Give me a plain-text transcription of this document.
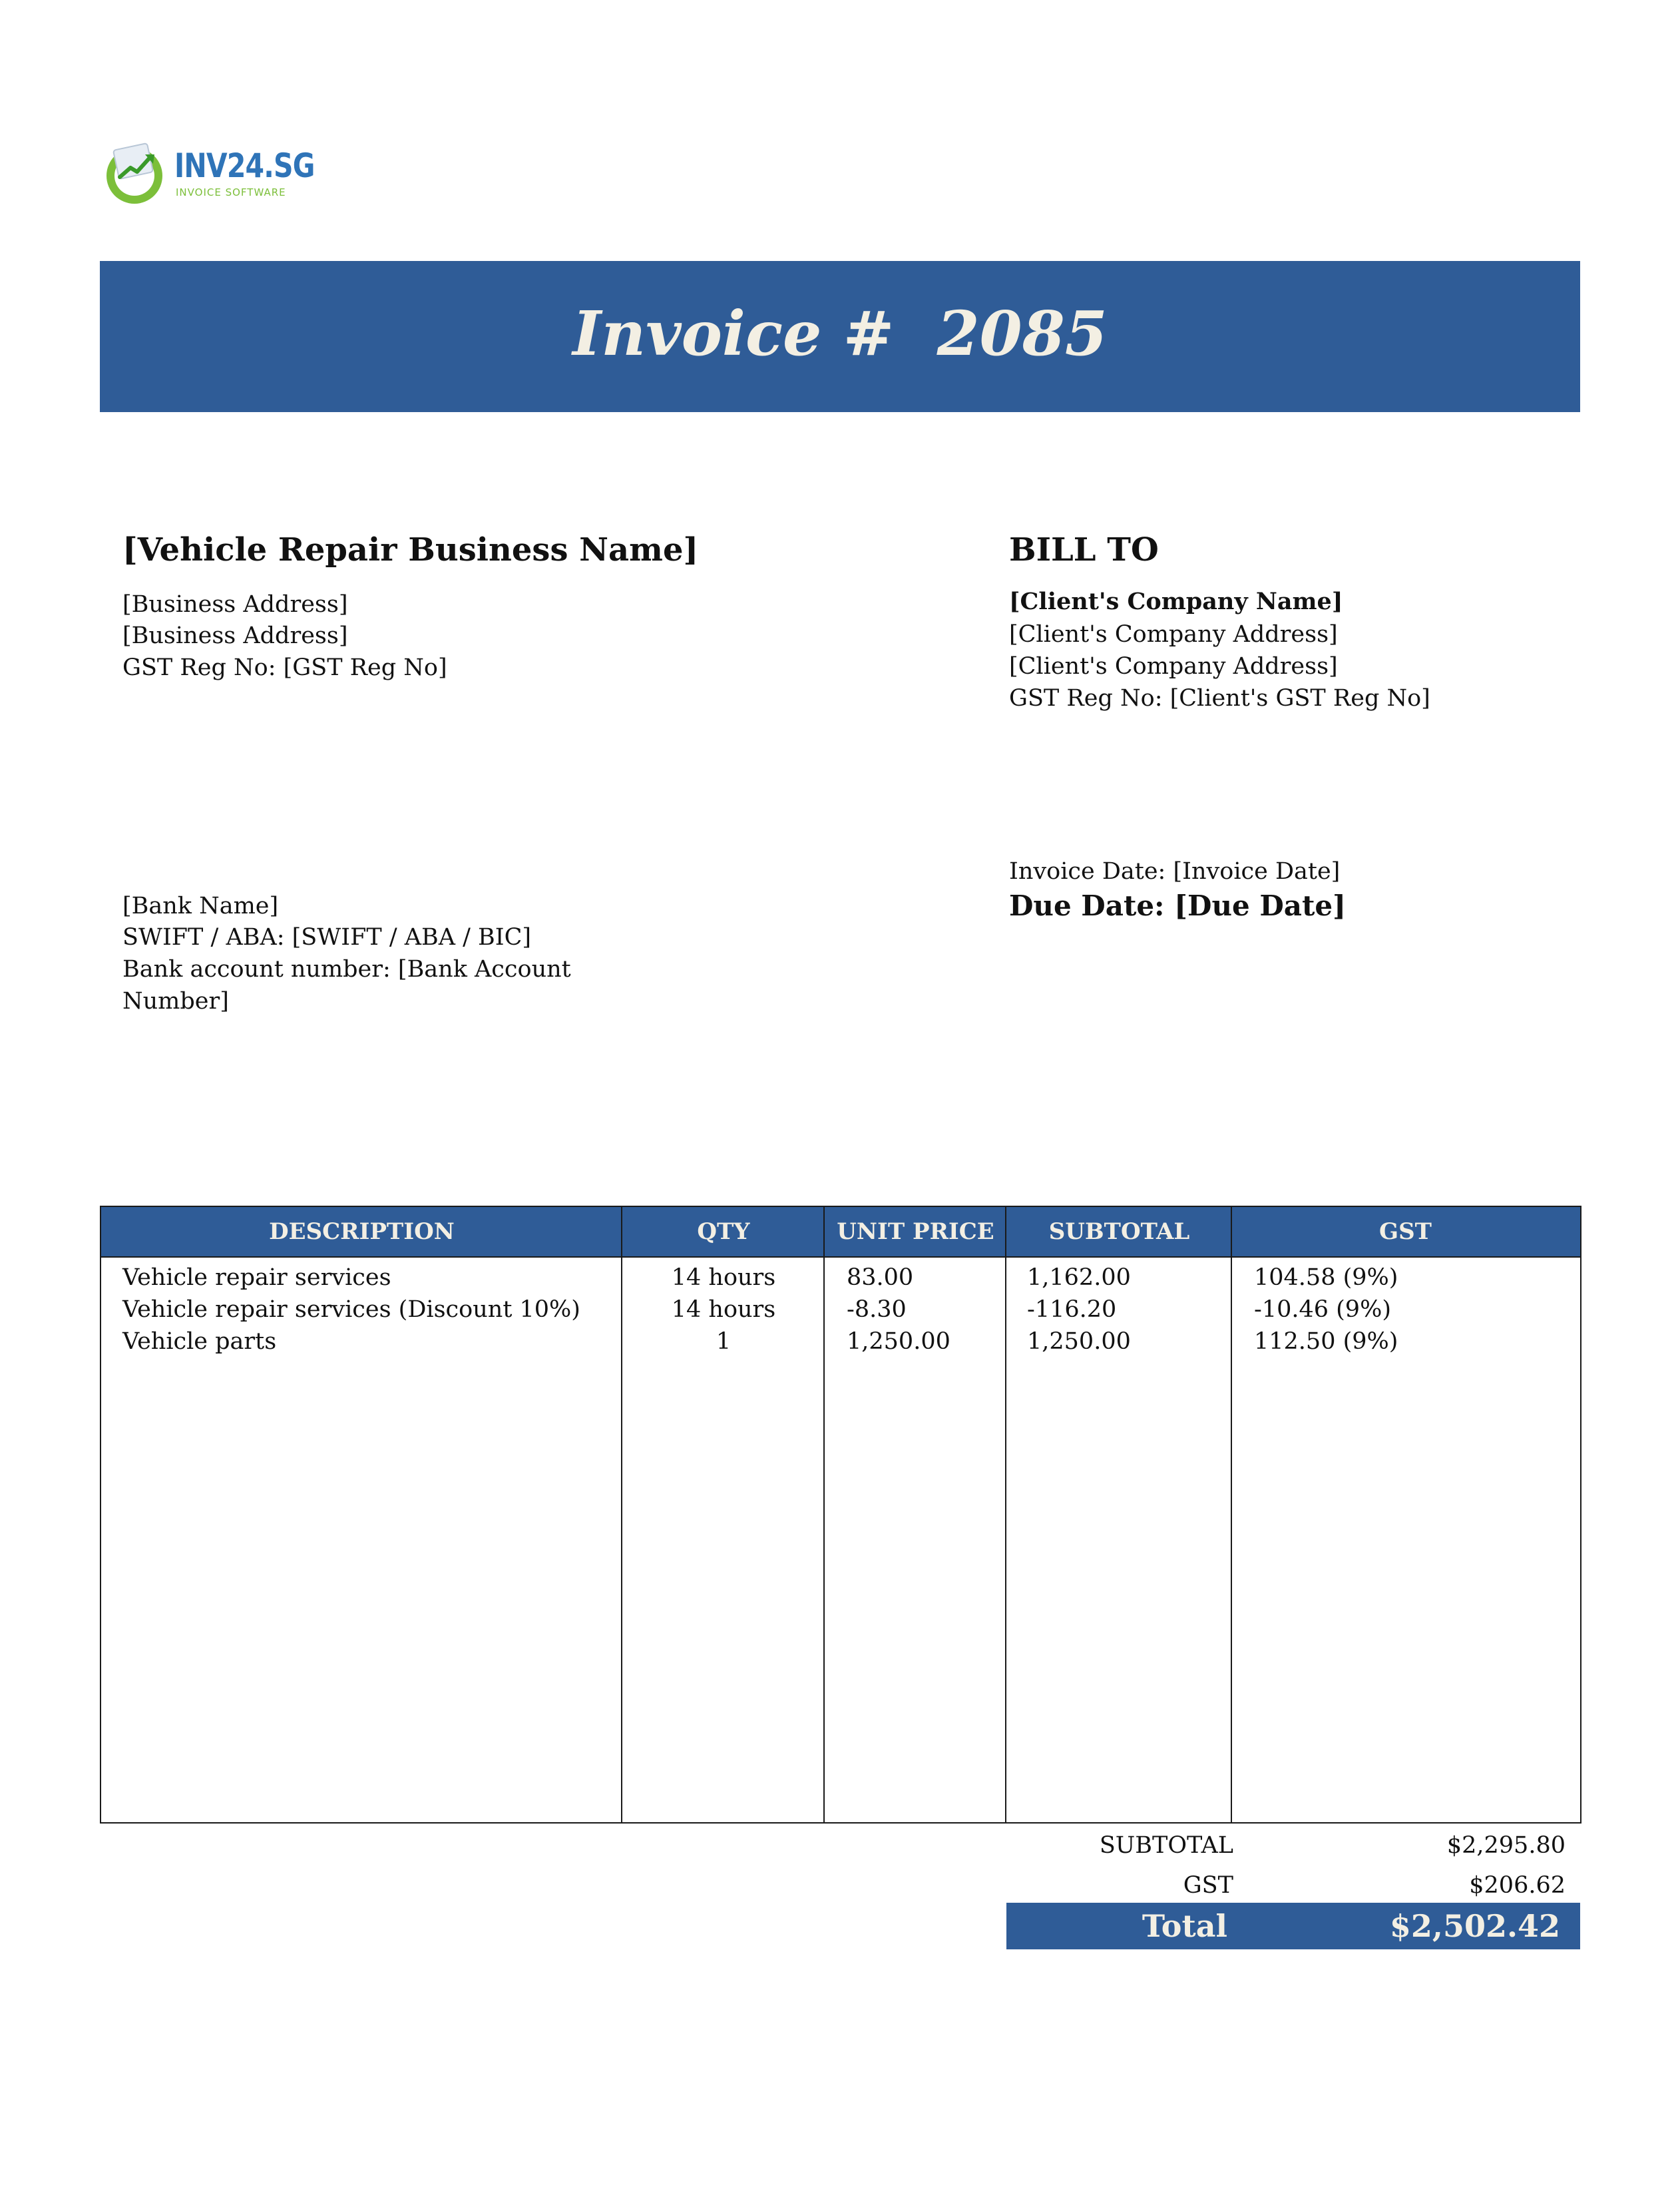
INV24.SG
INVOICE SOFTWARE
Invoice #  2085
[Vehicle Repair Business Name]
[Business Address]
[Business Address]
GST Reg No: [GST Reg No]
BILL TO
[Client's Company Name]
[Client's Company Address]
[Client's Company Address]
GST Reg No: [Client's GST Reg No]
[Bank Name]
SWIFT / ABA: [SWIFT / ABA / BIC]
Bank account number: [Bank Account
Number]
Invoice Date: [Invoice Date]
Due Date: [Due Date]
DESCRIPTION	QTY	UNIT PRICE	SUBTOTAL	GST
Vehicle repair services	14 hours	83.00	1,162.00	104.58 (9%)
Vehicle repair services (Discount 10%)	14 hours	-8.30	-116.20	-10.46 (9%)
Vehicle parts	1	1,250.00	1,250.00	112.50 (9%)
SUBTOTAL	$2,295.80
GST	$206.62
Total	$2,502.42
